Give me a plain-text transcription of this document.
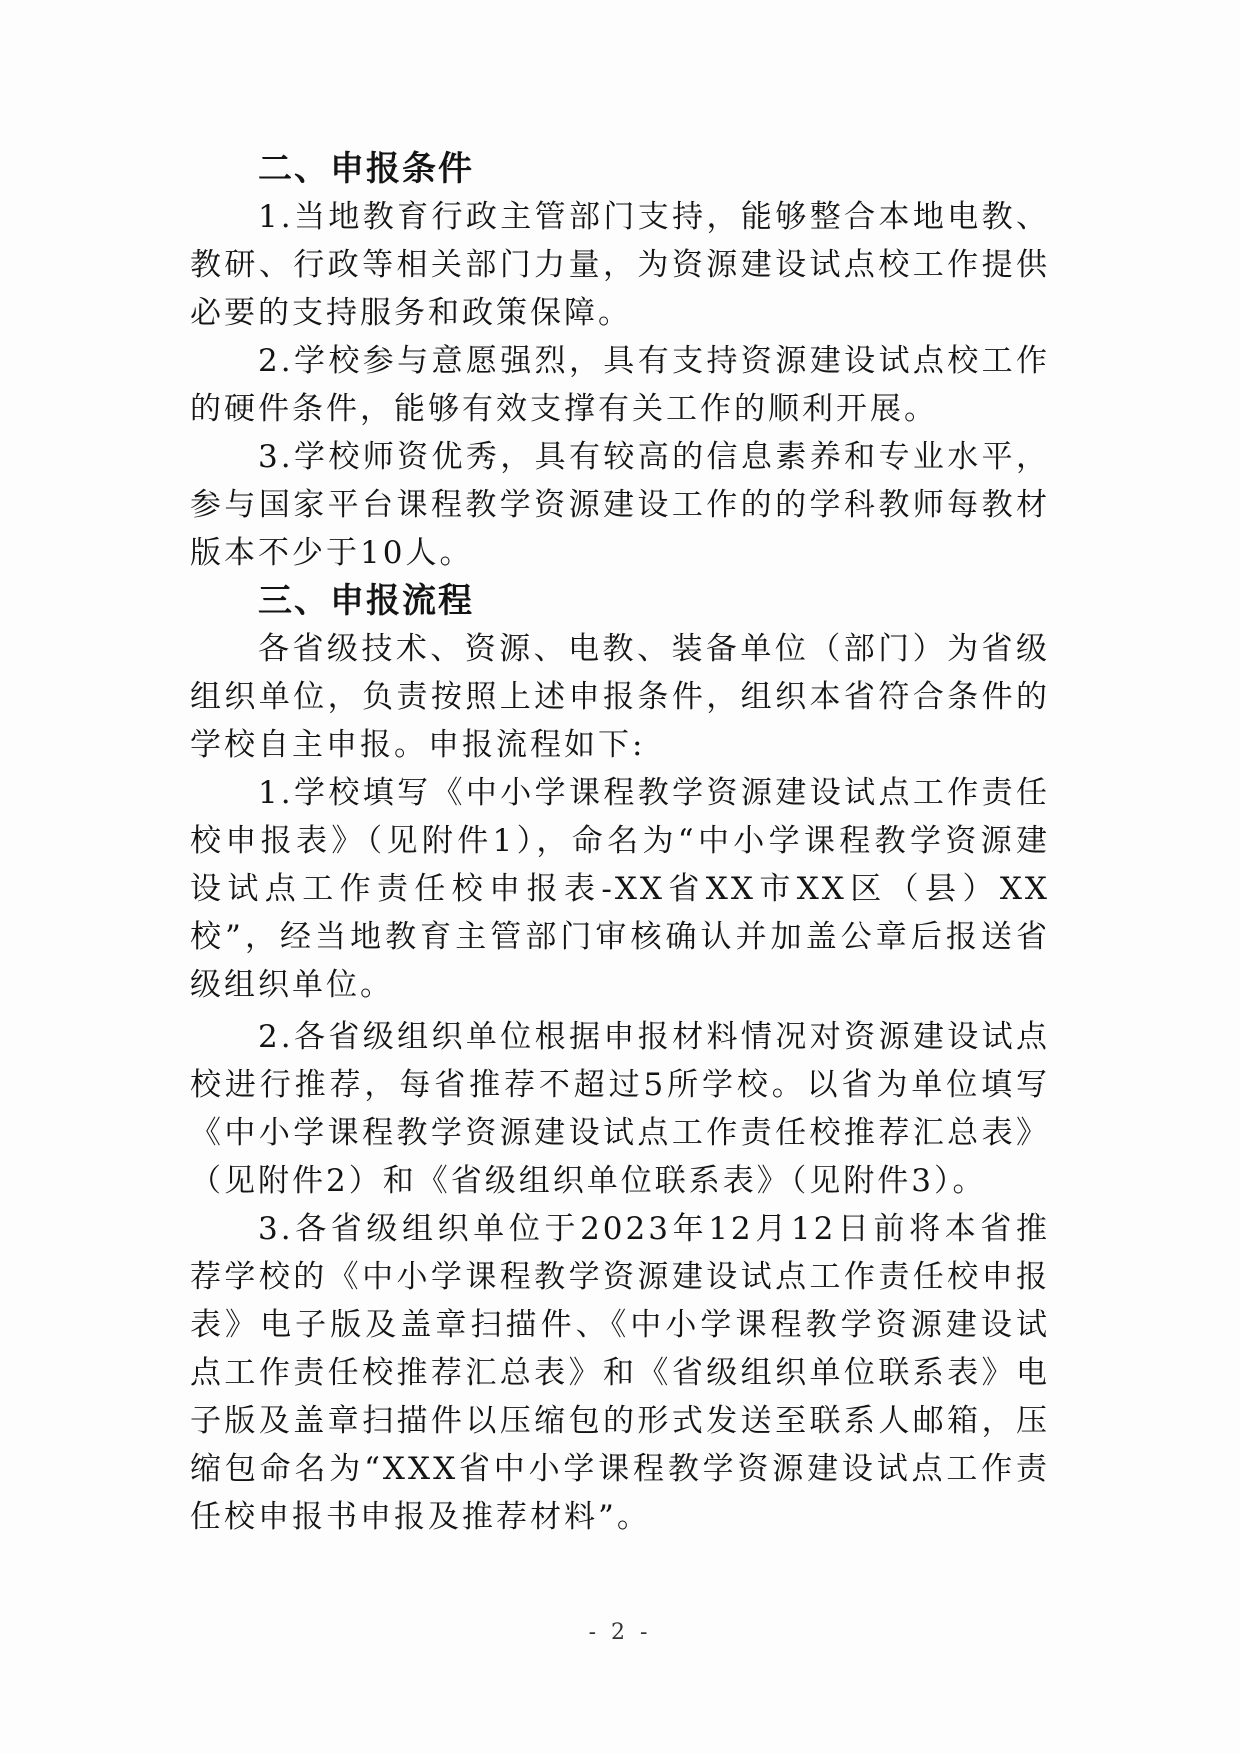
二、申报条件

1.当地教育行政主管部门支持，能够整合本地电教、教研、行政等相关部门力量，为资源建设试点校工作提供必要的支持服务和政策保障。

2.学校参与意愿强烈，具有支持资源建设试点校工作的硬件条件，能够有效支撑有关工作的顺利开展。

3.学校师资优秀，具有较高的信息素养和专业水平，参与国家平台课程教学资源建设工作的的学科教师每教材版本不少于10人。

三、申报流程

各省级技术、资源、电教、装备单位（部门）为省级组织单位，负责按照上述申报条件，组织本省符合条件的学校自主申报。申报流程如下:

1.学校填写《中小学课程教学资源建设试点工作责任校申报表》（见附件1），命名为“中小学课程教学资源建设试点工作责任校申报表-XX省XX市XX区（县）XX校”，经当地教育主管部门审核确认并加盖公章后报送省级组织单位。

2.各省级组织单位根据申报材料情况对资源建设试点校进行推荐，每省推荐不超过5所学校。以省为单位填写《中小学课程教学资源建设试点工作责任校推荐汇总表》（见附件2）和《省级组织单位联系表》（见附件3）。

3.各省级组织单位于2023年12月12日前将本省推荐学校的《中小学课程教学资源建设试点工作责任校申报表》电子版及盖章扫描件、《中小学课程教学资源建设试点工作责任校推荐汇总表》和《省级组织单位联系表》电子版及盖章扫描件以压缩包的形式发送至联系人邮箱，压缩包命名为“XXX省中小学课程教学资源建设试点工作责任校申报书申报及推荐材料”。

- 2 -
